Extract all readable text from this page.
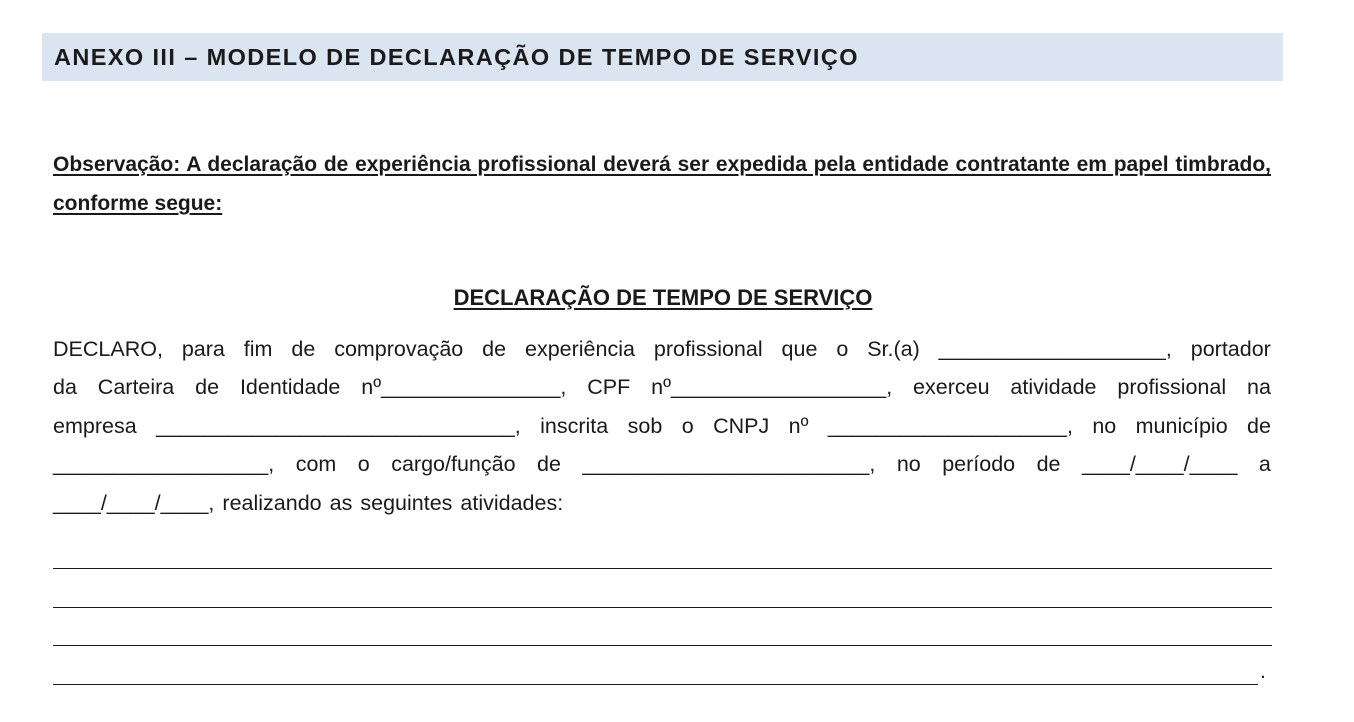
ANEXO III – MODELO DE DECLARAÇÃO DE TEMPO DE SERVIÇO

Observação: A declaração de experiência profissional deverá ser expedida pela entidade contratante em papel timbrado, conforme segue:

DECLARAÇÃO DE TEMPO DE SERVIÇO
DECLARO, para fim de comprovação de experiência profissional que o Sr.(a) ___________________, portador
da Carteira de Identidade nº_______________, CPF nº__________________, exerceu atividade profissional na
empresa ______________________________, inscrita sob o CNPJ nº ____________________, no município de
__________________, com o cargo/função de ________________________, no período de ____/____/____ a
____/____/____, realizando as seguintes atividades:
.
